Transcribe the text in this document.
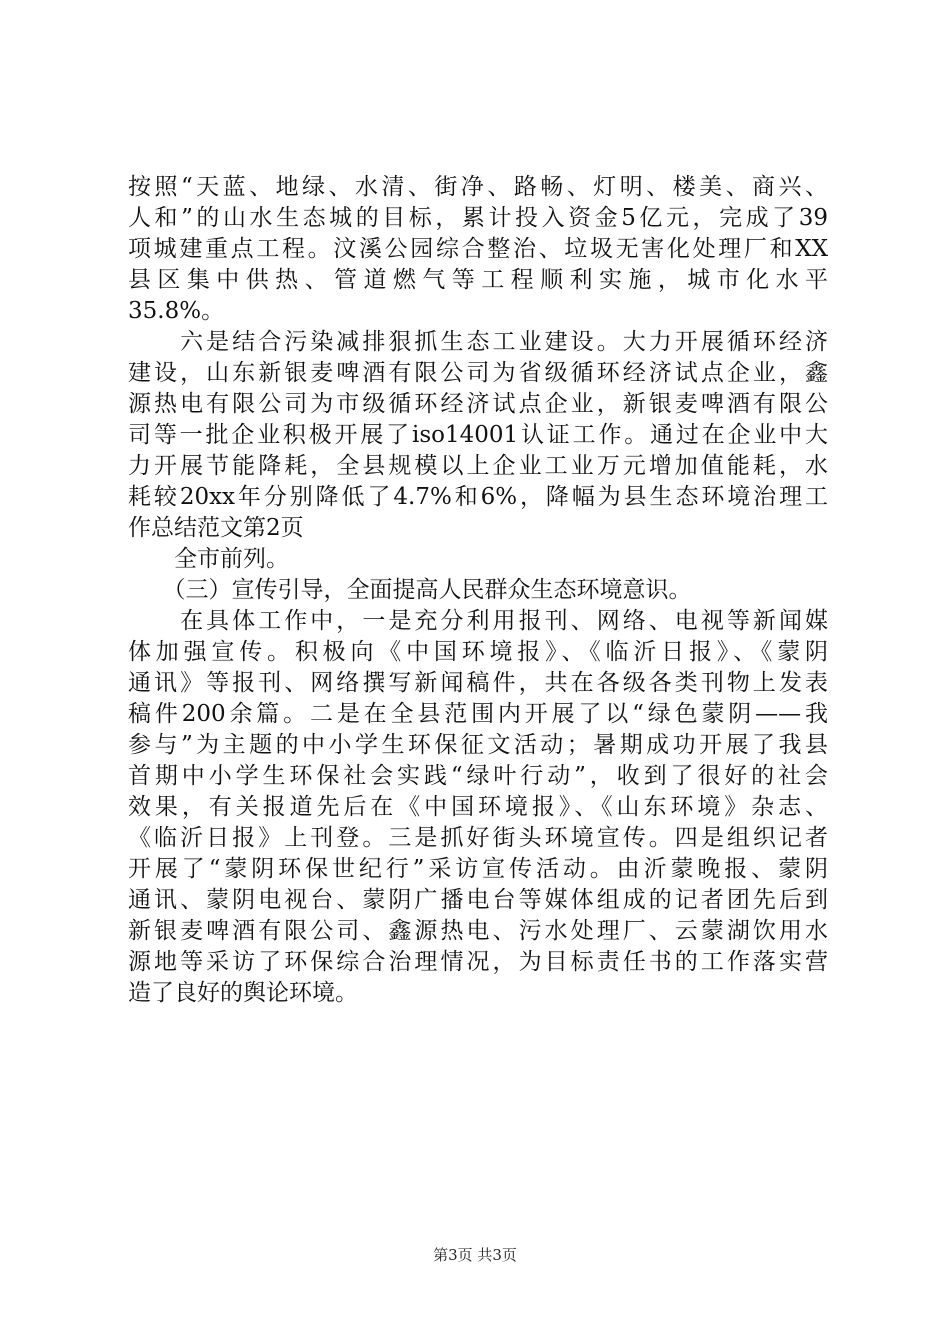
按照“天蓝、地绿、水清、街净、路畅、灯明、楼美、商兴、
人和”的山水生态城的目标，累计投入资金5亿元，完成了39
项城建重点工程。汶溪公园综合整治、垃圾无害化处理厂和XX
县区集中供热、管道燃气等工程顺利实施，城市化水平
35.8%。
　　六是结合污染减排狠抓生态工业建设。大力开展循环经济
建设，山东新银麦啤酒有限公司为省级循环经济试点企业，鑫
源热电有限公司为市级循环经济试点企业，新银麦啤酒有限公
司等一批企业积极开展了iso14001认证工作。通过在企业中大
力开展节能降耗，全县规模以上企业工业万元增加值能耗，水
耗较20xx年分别降低了4.7%和6%，降幅为县生态环境治理工
作总结范文第2页
　　全市前列。
　　（三）宣传引导，全面提高人民群众生态环境意识。
　　在具体工作中，一是充分利用报刊、网络、电视等新闻媒
体加强宣传。积极向《中国环境报》、《临沂日报》、《蒙阴
通讯》等报刊、网络撰写新闻稿件，共在各级各类刊物上发表
稿件200余篇。二是在全县范围内开展了以“绿色蒙阴——我
参与”为主题的中小学生环保征文活动；暑期成功开展了我县
首期中小学生环保社会实践“绿叶行动”，收到了很好的社会
效果，有关报道先后在《中国环境报》、《山东环境》杂志、
《临沂日报》上刊登。三是抓好街头环境宣传。四是组织记者
开展了“蒙阴环保世纪行”采访宣传活动。由沂蒙晚报、蒙阴
通讯、蒙阴电视台、蒙阴广播电台等媒体组成的记者团先后到
新银麦啤酒有限公司、鑫源热电、污水处理厂、云蒙湖饮用水
源地等采访了环保综合治理情况，为目标责任书的工作落实营
造了良好的舆论环境。
第3页 共3页
